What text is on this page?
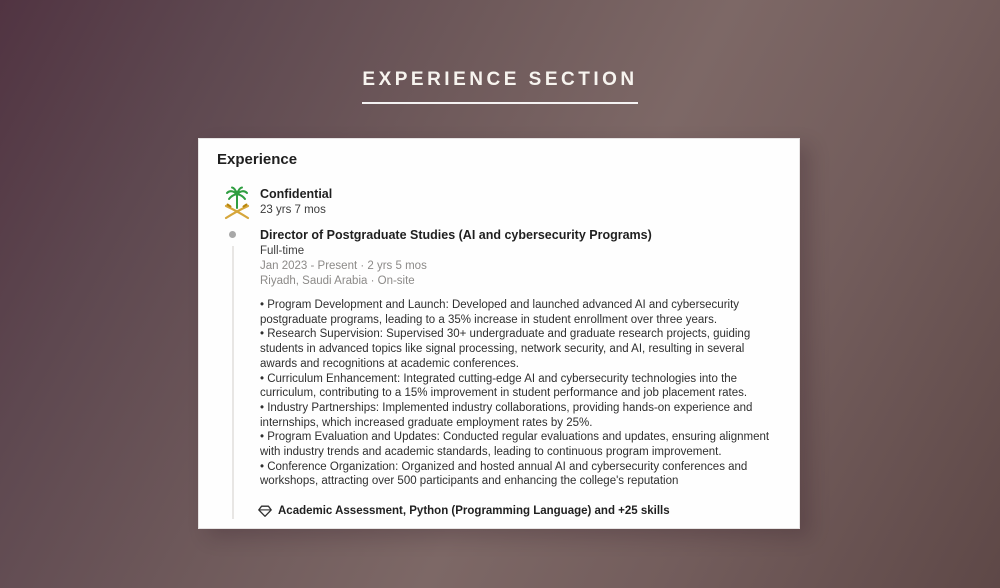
EXPERIENCE SECTION
Experience
Confidential
23 yrs 7 mos
Director of Postgraduate Studies (AI and cybersecurity Programs)
Full-time
Jan 2023 - Present · 2 yrs 5 mos
Riyadh, Saudi Arabia · On-site
• Program Development and Launch: Developed and launched advanced AI and cybersecurity postgraduate programs, leading to a 35% increase in student enrollment over three years.
• Research Supervision: Supervised 30+ undergraduate and graduate research projects, guiding students in advanced topics like signal processing, network security, and AI, resulting in several awards and recognitions at academic conferences.
• Curriculum Enhancement: Integrated cutting-edge AI and cybersecurity technologies into the curriculum, contributing to a 15% improvement in student performance and job placement rates.
• Industry Partnerships: Implemented industry collaborations, providing hands-on experience and internships, which increased graduate employment rates by 25%.
• Program Evaluation and Updates: Conducted regular evaluations and updates, ensuring alignment with industry trends and academic standards, leading to continuous program improvement.
• Conference Organization: Organized and hosted annual AI and cybersecurity conferences and workshops, attracting over 500 participants and enhancing the college's reputation
Academic Assessment, Python (Programming Language) and +25 skills
